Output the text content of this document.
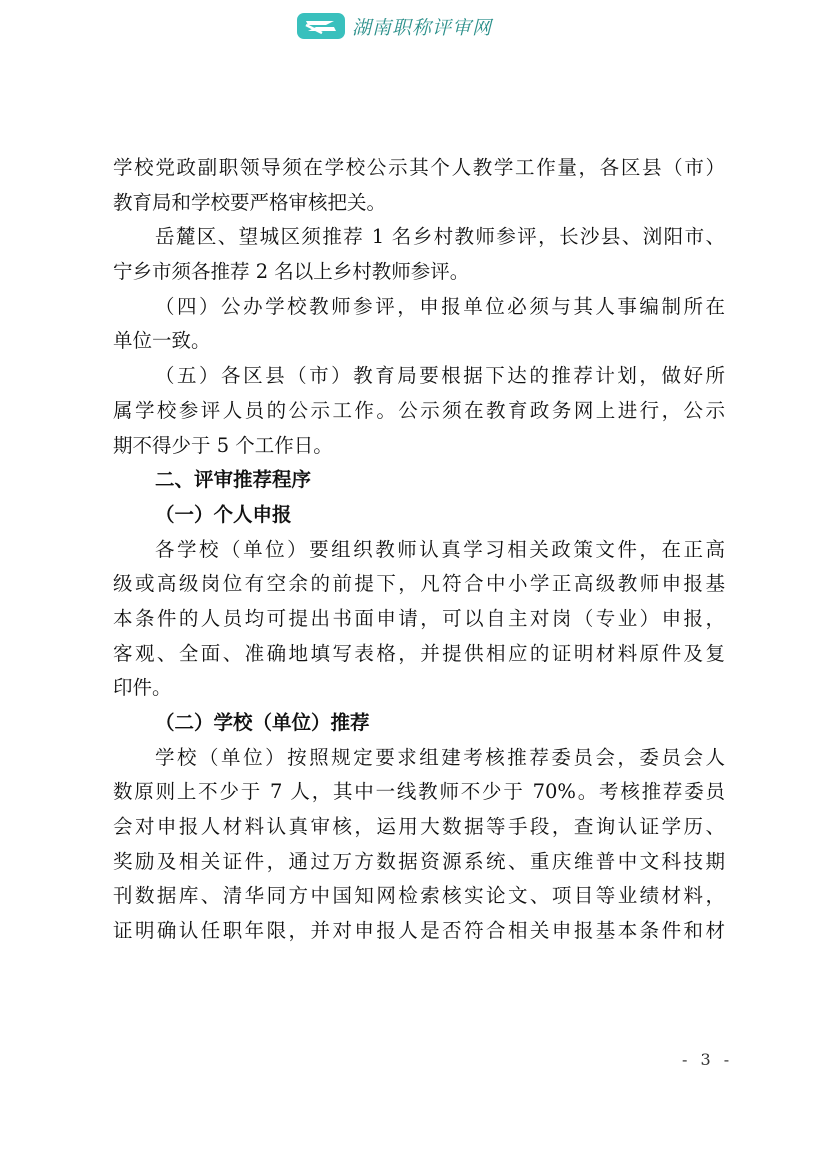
湖南职称评审网
学校党政副职领导须在学校公示其个人教学工作量，各区县（市）
教育局和学校要严格审核把关。
岳麓区、望城区须推荐 1 名乡村教师参评，长沙县、浏阳市、
宁乡市须各推荐 2 名以上乡村教师参评。
（四）公办学校教师参评，申报单位必须与其人事编制所在
单位一致。
（五）各区县（市）教育局要根据下达的推荐计划，做好所
属学校参评人员的公示工作。公示须在教育政务网上进行，公示
期不得少于 5 个工作日。
二、评审推荐程序
（一）个人申报
各学校（单位）要组织教师认真学习相关政策文件，在正高
级或高级岗位有空余的前提下，凡符合中小学正高级教师申报基
本条件的人员均可提出书面申请，可以自主对岗（专业）申报，
客观、全面、准确地填写表格，并提供相应的证明材料原件及复
印件。
（二）学校（单位）推荐
学校（单位）按照规定要求组建考核推荐委员会，委员会人
数原则上不少于 7 人，其中一线教师不少于 70%。考核推荐委员
会对申报人材料认真审核，运用大数据等手段，查询认证学历、
奖励及相关证件，通过万方数据资源系统、重庆维普中文科技期
刊数据库、清华同方中国知网检索核实论文、项目等业绩材料，
证明确认任职年限，并对申报人是否符合相关申报基本条件和材
- 3 -
